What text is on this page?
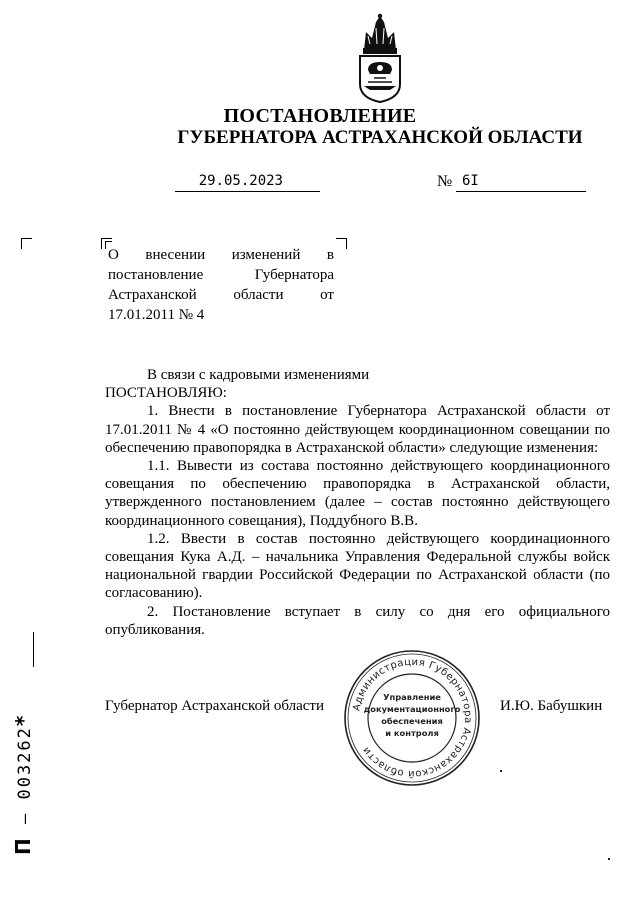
ПОСТАНОВЛЕНИЕ
ГУБЕРНАТОРА АСТРАХАНСКОЙ ОБЛАСТИ
29.05.2023	№ 6I
О внесении изменений в постановление Губернатора Астраханской области от 17.01.2011 № 4

В связи с кадровыми изменениями

ПОСТАНОВЛЯЮ:

1. Внести в постановление Губернатора Астраханской области от 17.01.2011 № 4 «О постоянно действующем координационном совещании по обеспечению правопорядка в Астраханской области» следующие изменения:

1.1. Вывести из состава постоянно действующего координационного совещания по обеспечению правопорядка в Астраханской области, утвержденного постановлением (далее – состав постоянно действующего координационного совещания), Поддубного В.В.

1.2. Ввести в состав постоянно действующего координационного совещания Кука А.Д. – начальника Управления Федеральной службы войск национальной гвардии Российской Федерации по Астраханской области (по согласованию).

2. Постановление вступает в силу со дня его официального опубликования.

Губернатор Астраханской области	И.Ю. Бабушкин
Администрация Губернатора Астраханской области
Управление
документационного
обеспечения
и контроля
П – 003262*
